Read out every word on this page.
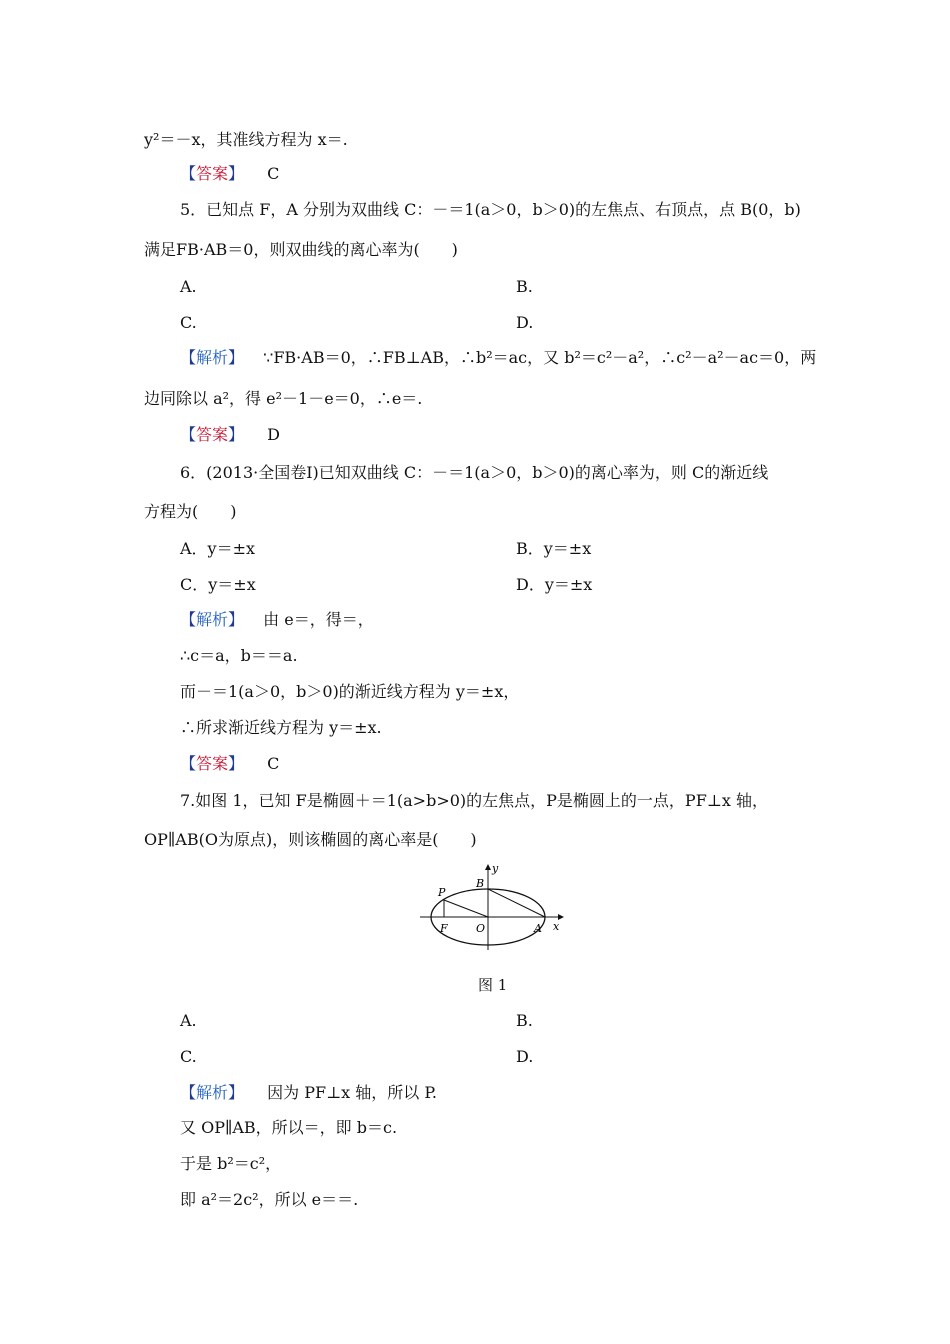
y²＝－x，其准线方程为 x＝.
【答案】 C
5．已知点 F，A 分别为双曲线 C：－＝1(a＞0，b＞0)的左焦点、右顶点，点 B(0，b)
满足FB·AB＝0，则双曲线的离心率为(　　)
A.	B.
C.	D.
【解析】 ∵FB·AB＝0，∴FB⊥AB，∴b²＝ac，又 b²＝c²－a²，∴c²－a²－ac＝0，两
边同除以 a²，得 e²－1－e＝0，∴e＝.
【答案】 D
6．(2013·全国卷Ⅰ)已知双曲线 C：－＝1(a＞0，b＞0)的离心率为，则 C的渐近线
方程为(　　)
A．y＝±x	B．y＝±x
C．y＝±x	D．y＝±x
【解析】 由 e＝，得＝，
∴c＝a，b＝＝a.
而－＝1(a＞0，b＞0)的渐近线方程为 y＝±x，
∴所求渐近线方程为 y＝±x.
【答案】 C
7.如图 1，已知 F是椭圆＋＝1(a>b>0)的左焦点，P是椭圆上的一点，PF⊥x 轴，
OP∥AB(O为原点)，则该椭圆的离心率是(　　)
P
B
y
F	O	A x
图 1
A.	B.
C.	D.
【解析】 因为 PF⊥x 轴，所以 P.
又 OP∥AB，所以＝，即 b＝c.
于是 b²＝c²，
即 a²＝2c²，所以 e＝＝.
